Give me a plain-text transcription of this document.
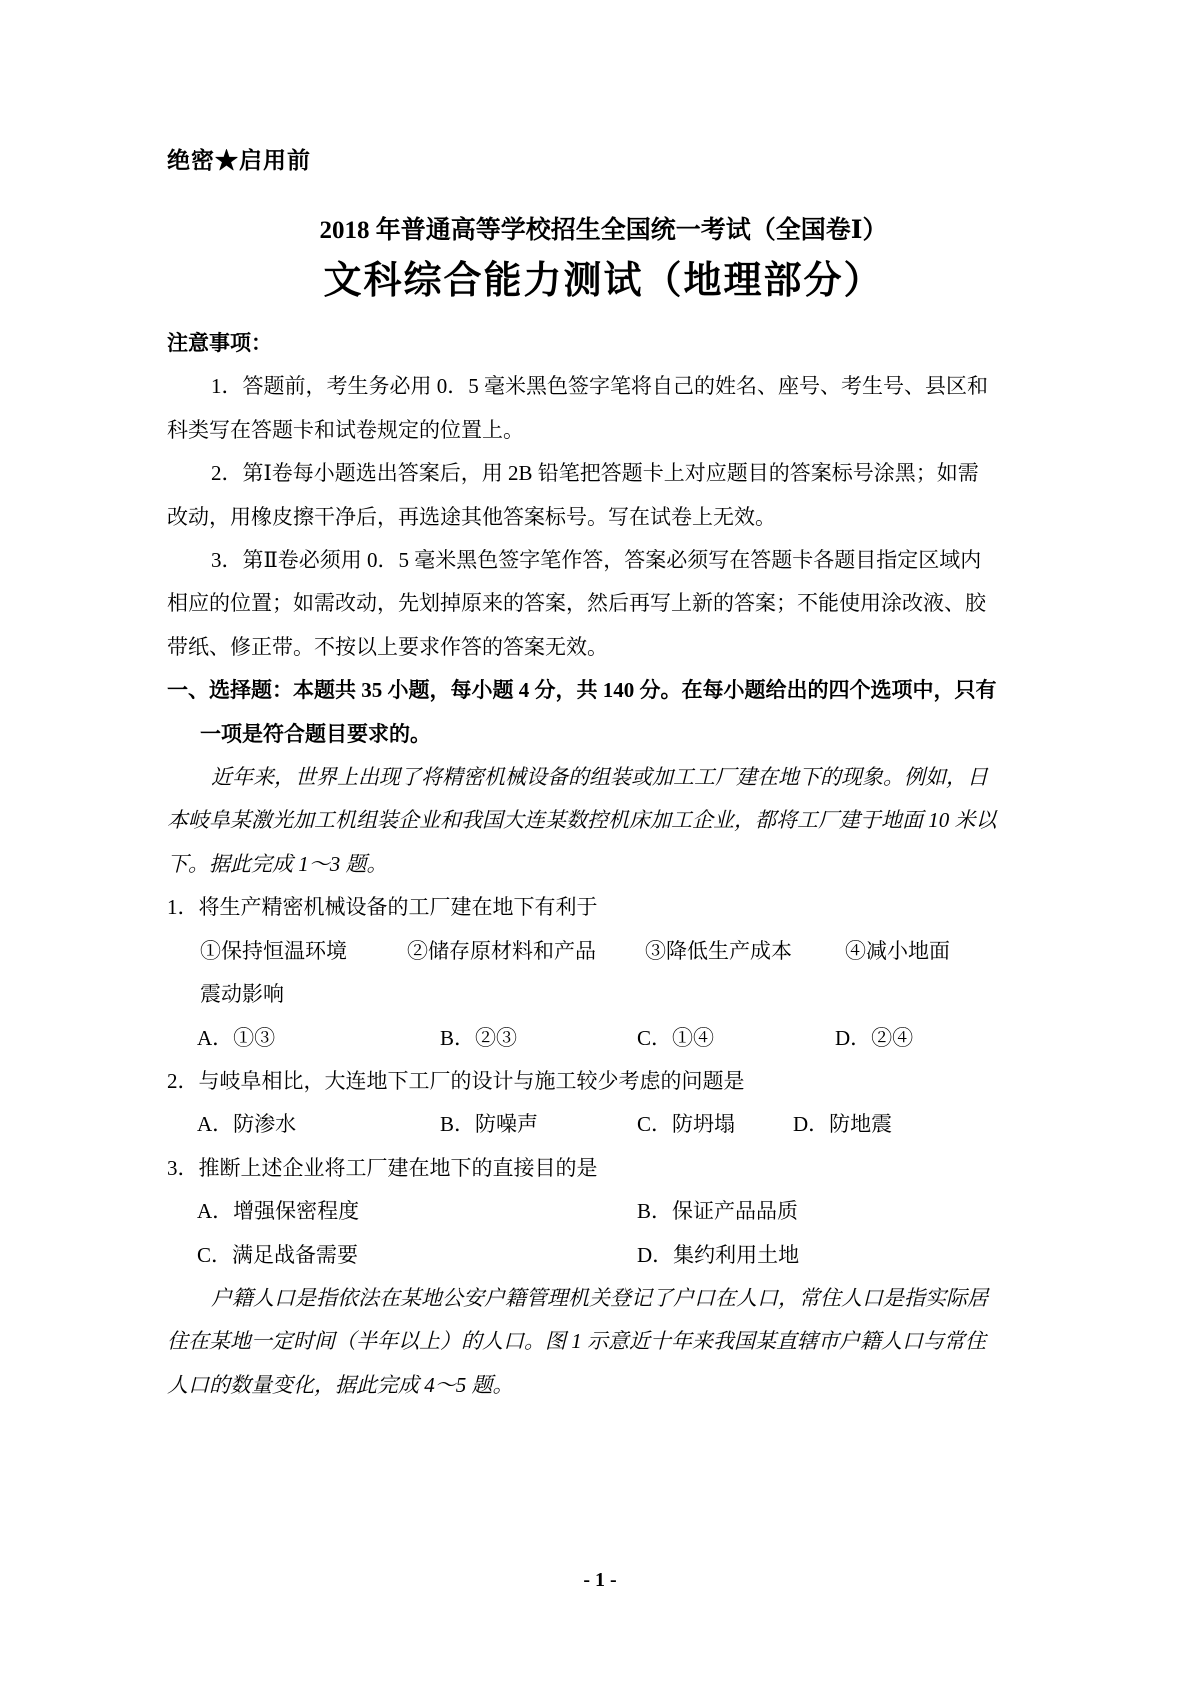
绝密★启用前
2018 年普通高等学校招生全国统一考试（全国卷Ⅰ）
文科综合能力测试（地理部分）
注意事项：
1．答题前，考生务必用 0．5 毫米黑色签字笔将自己的姓名、座号、考生号、县区和
科类写在答题卡和试卷规定的位置上。
2．第Ⅰ卷每小题选出答案后，用 2B 铅笔把答题卡上对应题目的答案标号涂黑；如需
改动，用橡皮擦干净后，再选途其他答案标号。写在试卷上无效。
3．第Ⅱ卷必须用 0．5 毫米黑色签字笔作答，答案必须写在答题卡各题目指定区域内
相应的位置；如需改动，先划掉原来的答案，然后再写上新的答案；不能使用涂改液、胶
带纸、修正带。不按以上要求作答的答案无效。
一、选择题：本题共 35 小题，每小题 4 分，共 140 分。在每小题给出的四个选项中，只有
一项是符合题目要求的。
近年来，世界上出现了将精密机械设备的组装或加工工厂建在地下的现象。例如，日
本岐阜某激光加工机组装企业和我国大连某数控机床加工企业，都将工厂建于地面 10 米以
下。据此完成 1～3 题。
1．将生产精密机械设备的工厂建在地下有利于
①保持恒温环境	②储存原材料和产品	③降低生产成本	④减小地面
震动影响
A．①③	B．②③	C．①④	D．②④
2．与岐阜相比，大连地下工厂的设计与施工较少考虑的问题是
A．防渗水	B．防噪声	C．防坍塌	D．防地震
3．推断上述企业将工厂建在地下的直接目的是
A．增强保密程度	B．保证产品品质
C．满足战备需要	D．集约利用土地
户籍人口是指依法在某地公安户籍管理机关登记了户口在人口，常住人口是指实际居
住在某地一定时间（半年以上）的人口。图 1 示意近十年来我国某直辖市户籍人口与常住
人口的数量变化，据此完成 4～5 题。
- 1 -
